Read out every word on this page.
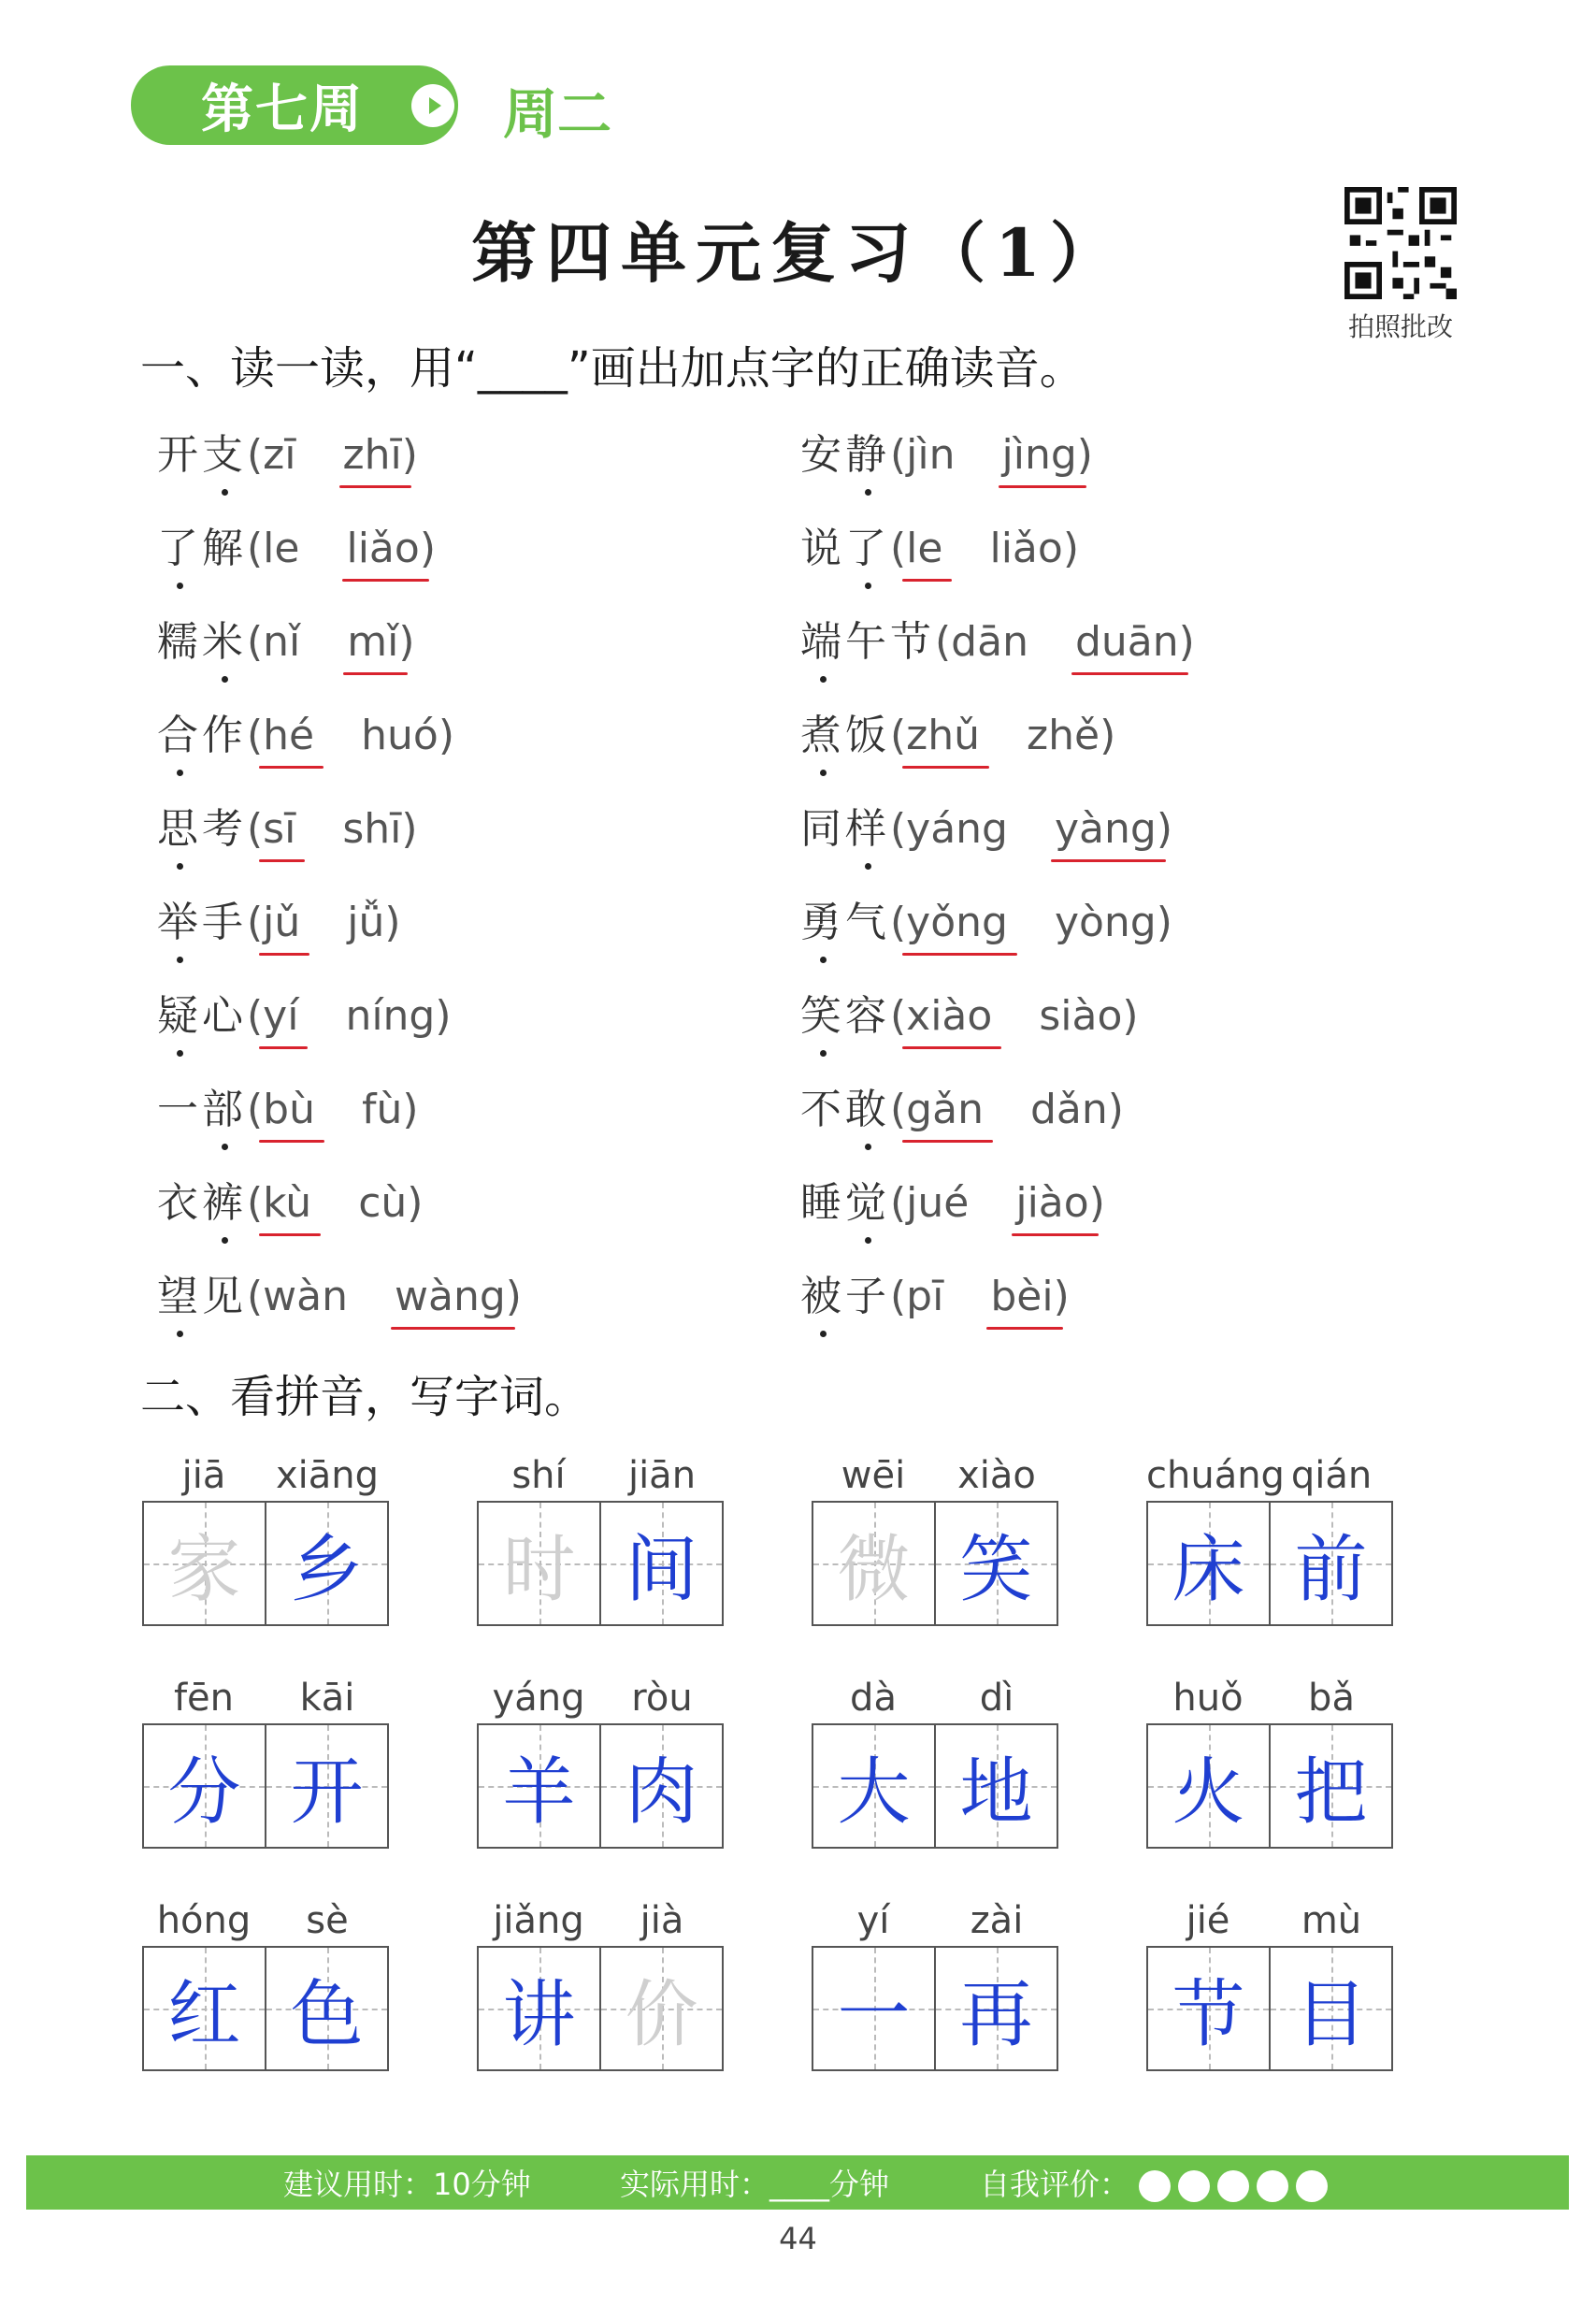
第七周	周二
第四单元复习（1）
拍照批改
一、读一读，用“____”画出加点字的正确读音。
开支 ( zī zhī )
了解 ( le liǎo )
糯米 ( nǐ mǐ )
合作 ( hé huó )
思考 ( sī shī )
举手 ( jǔ jǚ )
疑心 ( yí níng )
一部 ( bù fù )
衣裤 ( kù cù )
望见 ( wàn wàng )
安静 ( jìn jìng )
说了 ( le liǎo )
端午节 ( dān duān )
煮饭 ( zhǔ zhě )
同样 ( yáng yàng )
勇气 ( yǒng yòng )
笑容 ( xiào siào )
不敢 ( gǎn dǎn )
睡觉 ( jué jiào )
被子 ( pī bèi )
二、看拼音，写字词。
jiā	xiāng
家 乡
shí	jiān
时 间
wēi	xiào
微 笑
chuáng qián
床 前
fēn	kāi
分 开
yáng	ròu
羊 肉
dà	dì
大 地
huǒ	bǎ
火 把
hóng	sè
红 色
jiǎng	jià
讲 价
yí	zài
一 再
jié	mù
节 目
建议用时：10分钟	实际用时：____分钟	自我评价：
44
